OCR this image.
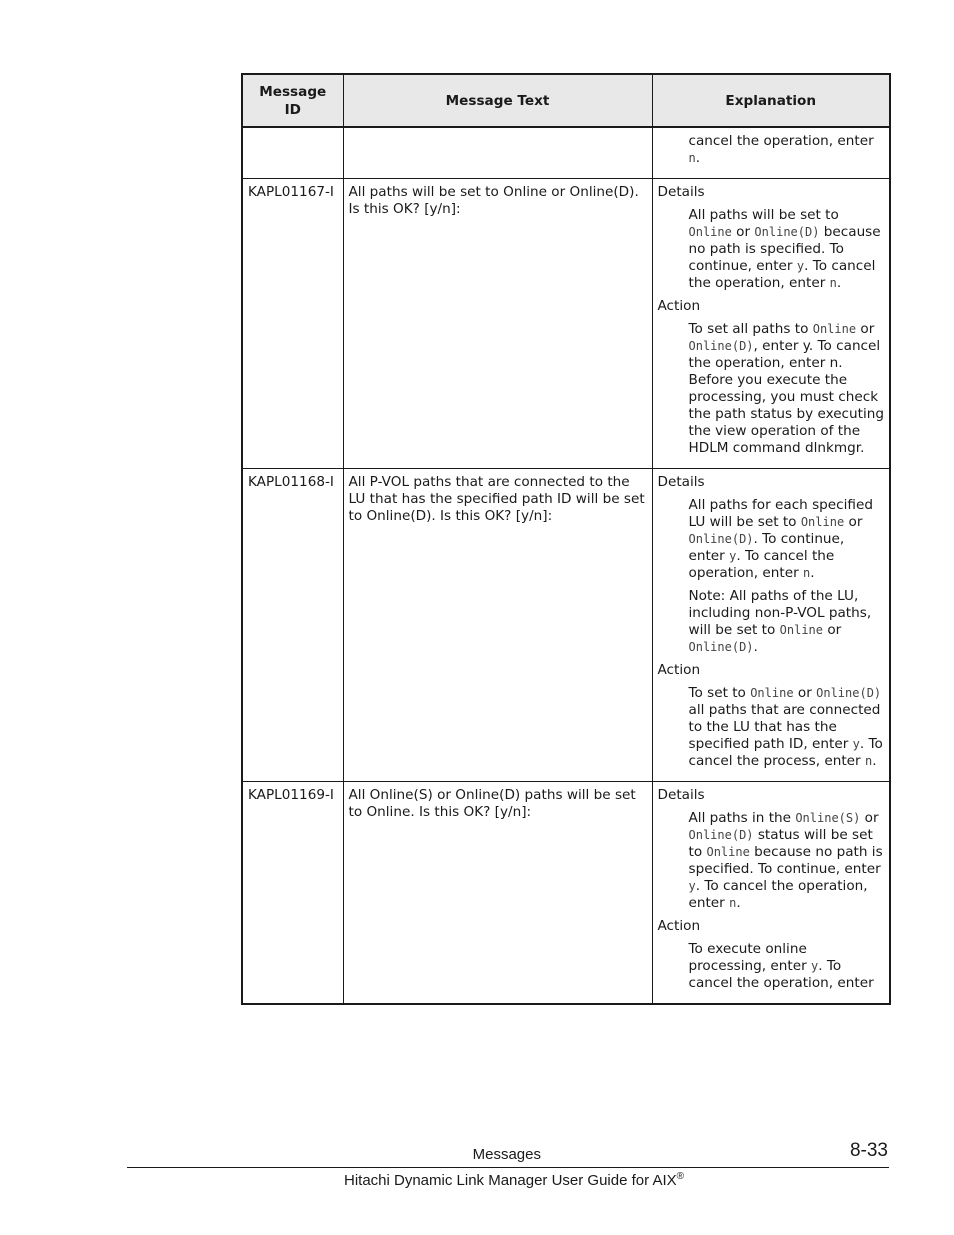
Message ID	Message Text	Explanation

		cancel the operation, enter n.

KAPL01167-I	All paths will be set to Online or Online(D). Is this OK? [y/n]:	Details
All paths will be set to Online or Online(D) because no path is specified. To continue, enter y. To cancel the operation, enter n.
Action
To set all paths to Online or Online(D), enter y. To cancel the operation, enter n. Before you execute the processing, you must check the path status by executing the view operation of the HDLM command dlnkmgr.

KAPL01168-I	All P-VOL paths that are connected to the LU that has the specified path ID will be set to Online(D). Is this OK? [y/n]:	Details
All paths for each specified LU will be set to Online or Online(D). To continue, enter y. To cancel the operation, enter n.
Note: All paths of the LU, including non-P-VOL paths, will be set to Online or Online(D).
Action
To set to Online or Online(D) all paths that are connected to the LU that has the specified path ID, enter y. To cancel the process, enter n.

KAPL01169-I	All Online(S) or Online(D) paths will be set to Online. Is this OK? [y/n]:	Details
All paths in the Online(S) or Online(D) status will be set to Online because no path is specified. To continue, enter y. To cancel the operation, enter n.
Action
To execute online processing, enter y. To cancel the operation, enter
Messages	8-33
Hitachi Dynamic Link Manager User Guide for AIX®
